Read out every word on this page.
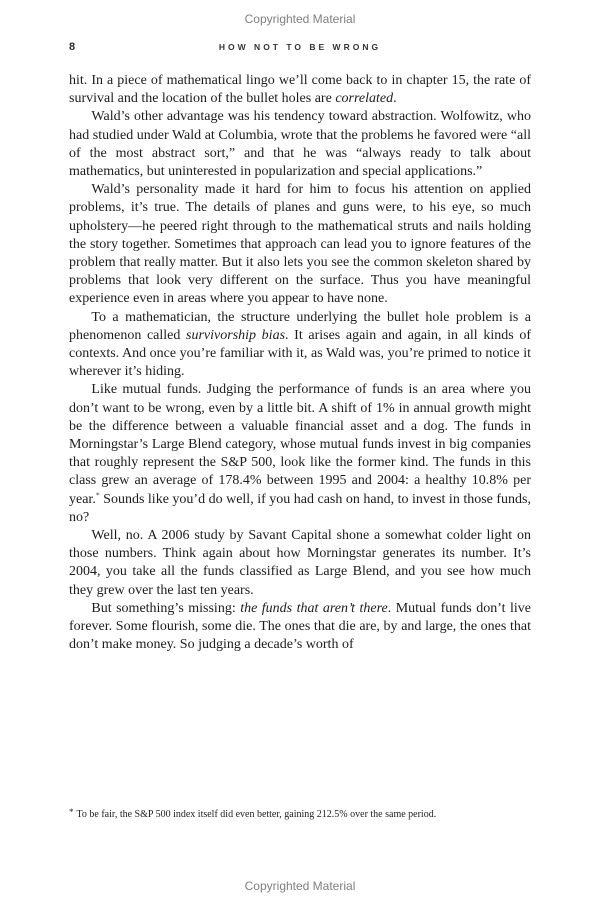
Copyrighted Material
8	HOW NOT TO BE WRONG

hit. In a piece of mathematical lingo we’ll come back to in chapter 15, the rate of survival and the location of the bullet holes are correlated.

Wald’s other advantage was his tendency toward abstraction. Wolfowitz, who had studied under Wald at Columbia, wrote that the problems he favored were “all of the most abstract sort,” and that he was “always ready to talk about mathematics, but uninterested in popularization and special applications.”

Wald’s personality made it hard for him to focus his attention on applied problems, it’s true. The details of planes and guns were, to his eye, so much upholstery—he peered right through to the mathematical struts and nails holding the story together. Sometimes that approach can lead you to ignore features of the problem that really matter. But it also lets you see the common skeleton shared by problems that look very different on the surface. Thus you have meaningful experience even in areas where you appear to have none.

To a mathematician, the structure underlying the bullet hole problem is a phenomenon called survivorship bias. It arises again and again, in all kinds of contexts. And once you’re familiar with it, as Wald was, you’re primed to notice it wherever it’s hiding.

Like mutual funds. Judging the performance of funds is an area where you don’t want to be wrong, even by a little bit. A shift of 1% in annual growth might be the difference between a valuable financial asset and a dog. The funds in Morningstar’s Large Blend category, whose mutual funds invest in big companies that roughly represent the S&P 500, look like the former kind. The funds in this class grew an average of 178.4% between 1995 and 2004: a healthy 10.8% per year.* Sounds like you’d do well, if you had cash on hand, to invest in those funds, no?

Well, no. A 2006 study by Savant Capital shone a somewhat colder light on those numbers. Think again about how Morningstar generates its number. It’s 2004, you take all the funds classified as Large Blend, and you see how much they grew over the last ten years.

But something’s missing: the funds that aren’t there. Mutual funds don’t live forever. Some flourish, some die. The ones that die are, by and large, the ones that don’t make money. So judging a decade’s worth of

* To be fair, the S&P 500 index itself did even better, gaining 212.5% over the same period.
Copyrighted Material
